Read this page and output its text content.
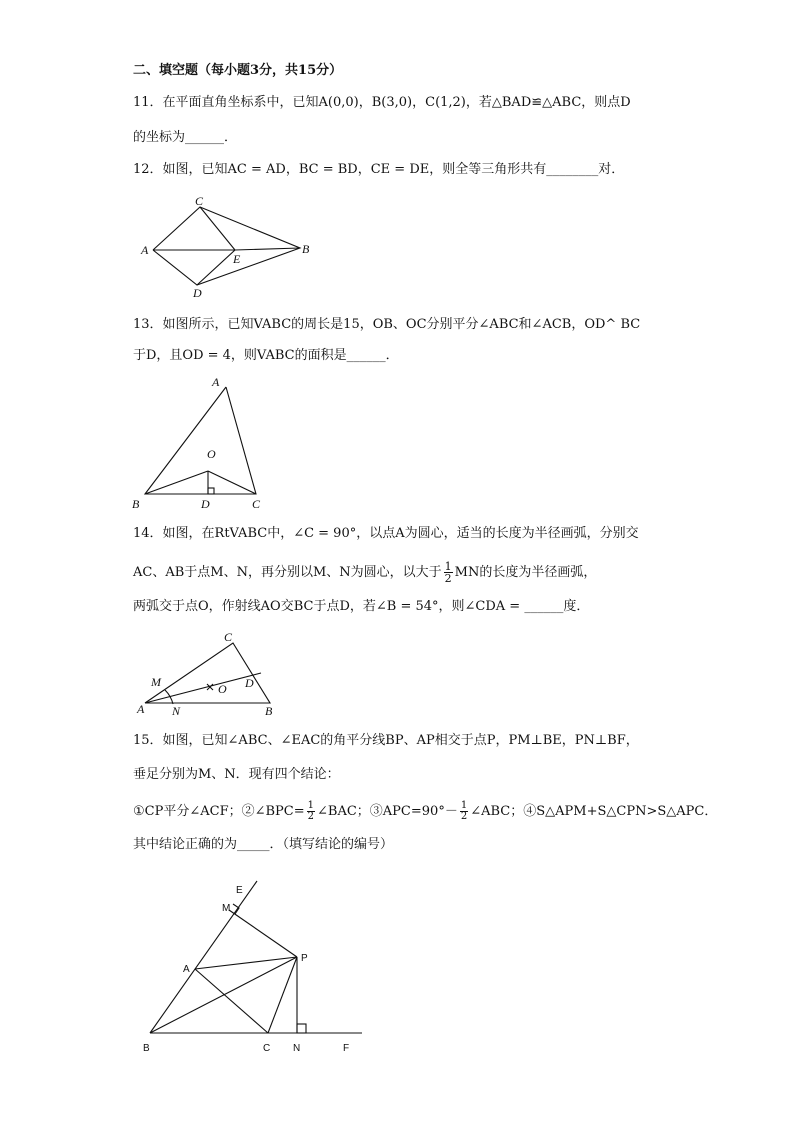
二、填空题（每小题3分，共15分）
11．在平面直角坐标系中，已知A(0,0)，B(3,0)，C(1,2)，若△BAD≌△ABC，则点D
的坐标为______．
12．如图，已知AC = AD，BC = BD，CE = DE，则全等三角形共有________对．
C
A
E
B
D
13．如图所示，已知VABC的周长是15，OB、OC分别平分∠ABC和∠ACB，OD^ BC
于D，且OD = 4，则VABC的面积是______．
A
O
B	D	C
14．如图，在RtVABC中，∠C = 90°，以点A为圆心，适当的长度为半径画弧，分别交
AC、AB于点M、N，再分别以M、N为圆心，以大于 $\frac{1}{2}$ MN的长度为半径画弧，
两弧交于点O，作射线AO交BC于点D，若∠B = 54°，则∠CDA = ______度．
C
M	O D
A N	B
15．如图，已知∠ABC、∠EAC的角平分线BP、AP相交于点P，PM⊥BE，PN⊥BF，
垂足分别为M、N．现有四个结论：
①CP平分∠ACF；②∠BPC= $\frac{1}{2}$ ∠BAC；③APC=90°－ $\frac{1}{2}$ ∠ABC；④S△APM+S△CPN>S△APC．
其中结论正确的为_____．（填写结论的编号）
E
M
A
P
B	C N	F
